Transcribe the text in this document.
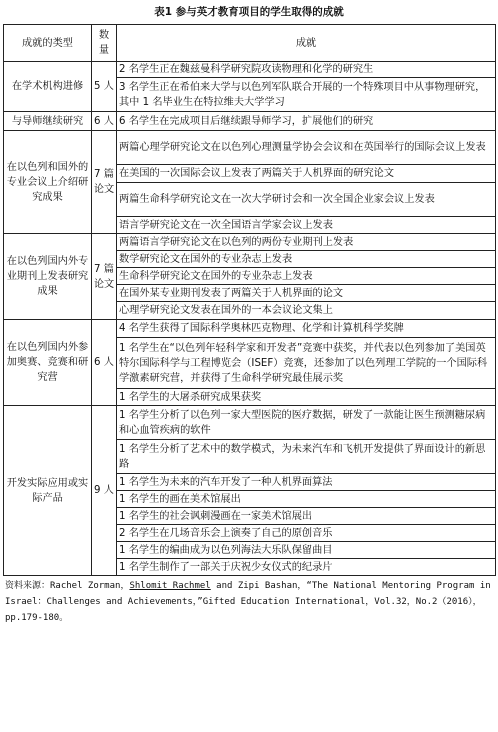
表1 参与英才教育项目的学生取得的成就
成就的类型	数量	成就
在学术机构进修	5 人	2 名学生正在魏兹曼科学研究院攻读物理和化学的研究生
		3 名学生正在希伯来大学与以色列军队联合开展的一个特殊项目中从事物理研究，其中 1 名毕业生在特拉维夫大学学习
与导师继续研究	6 人	6 名学生在完成项目后继续跟导师学习，扩展他们的研究
在以色列和国外的专业会议上介绍研究成果	7 篇论文	两篇心理学研究论文在以色列心理测量学协会会议和在英国举行的国际会议上发表
		在美国的一次国际会议上发表了两篇关于人机界面的研究论文
		两篇生命科学研究论文在一次大学研讨会和一次全国企业家会议上发表
		语言学研究论文在一次全国语言学家会议上发表
在以色列国内外专业期刊上发表研究成果	7 篇论文	两篇语言学研究论文在以色列的两份专业期刊上发表
		数学研究论文在国外的专业杂志上发表
		生命科学研究论文在国外的专业杂志上发表
		在国外某专业期刊发表了两篇关于人机界面的论文
		心理学研究论文发表在国外的一本会议论文集上
在以色列国内外参加奥赛、竞赛和研究营	6 人	4 名学生获得了国际科学奥林匹克物理、化学和计算机科学奖牌
		1 名学生在“以色列年轻科学家和开发者”竞赛中获奖，并代表以色列参加了美国英特尔国际科学与工程博览会（ISEF）竞赛，还参加了以色列理工学院的一个国际科学激素研究营，并获得了生命科学研究最佳展示奖
		1 名学生的大屠杀研究成果获奖
开发实际应用或实际产品	9 人	1 名学生分析了以色列一家大型医院的医疗数据，研发了一款能让医生预测糖尿病和心血管疾病的软件
		1 名学生分析了艺术中的数学模式，为未来汽车和飞机开发提供了界面设计的新思路
		1 名学生为未来的汽车开发了一种人机界面算法
		1 名学生的画在美术馆展出
		1 名学生的社会讽刺漫画在一家美术馆展出
		2 名学生在几场音乐会上演奏了自己的原创音乐
		1 名学生的编曲成为以色列海法大乐队保留曲目
		1 名学生制作了一部关于庆祝少女仪式的纪录片
资料来源：Rachel Zorman，Shlomit Rachmel and Zipi Bashan，“The National Mentoring Program in Israel：Challenges and Achievements，”Gifted Education International，Vol.32，No.2（2016），pp.179-180。
